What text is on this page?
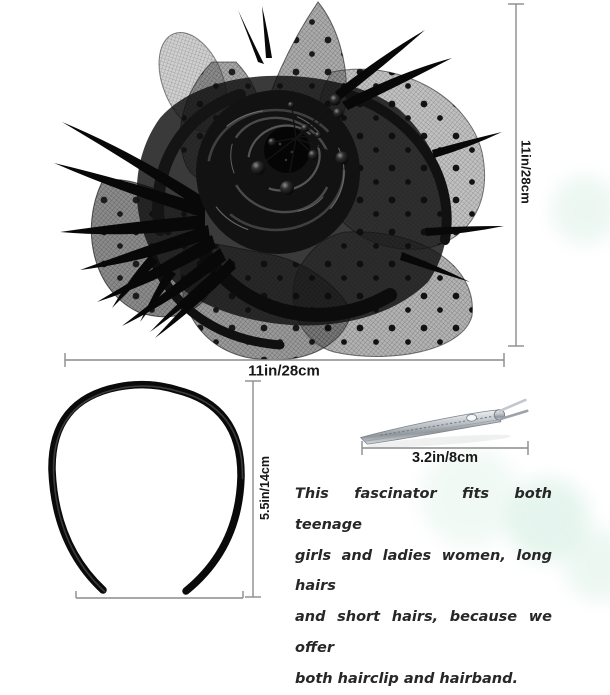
11in/28cm
11in/28cm
5.5in/14cm	3.2in/8cm
This fascinator fits both teenage
girls and ladies women, long hairs
and short hairs, because we offer
both hairclip and hairband.
